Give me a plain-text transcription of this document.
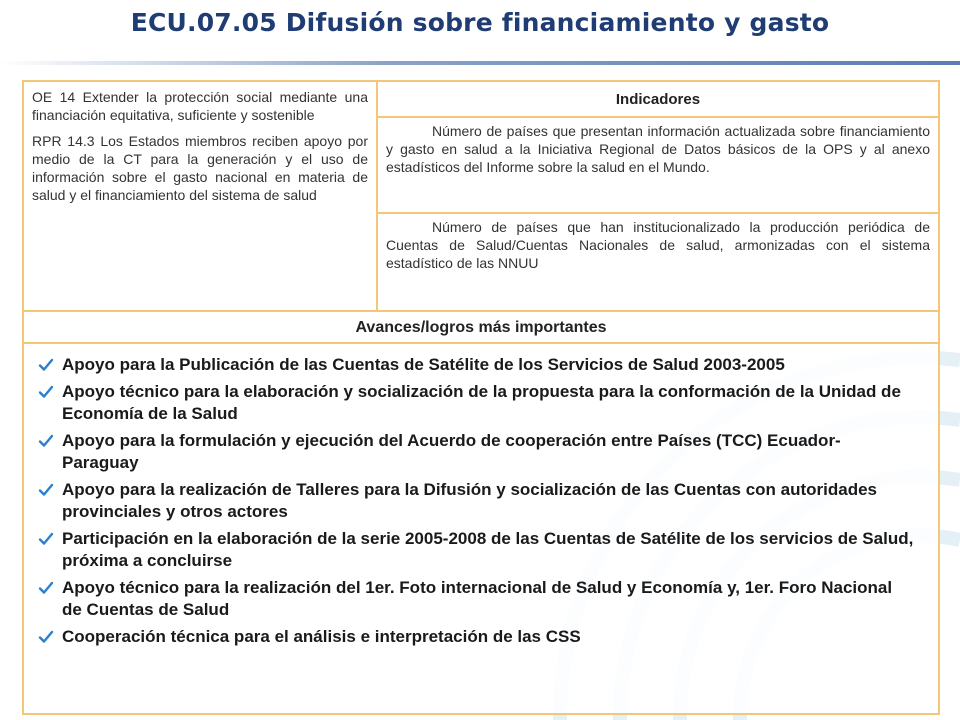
ECU.07.05 Difusión sobre financiamiento y gasto

OE 14 Extender la protección social mediante una financiación equitativa, suficiente y sostenible

RPR 14.3 Los Estados miembros reciben apoyo por medio de la CT para la generación y el uso de información sobre el gasto nacional en materia de salud y el financiamiento del sistema de salud

Indicadores
Número de países que presentan información actualizada sobre financiamiento y gasto en salud a la Iniciativa Regional de Datos básicos de la OPS y al anexo estadísticos del Informe sobre la salud en el Mundo.
Número de países que han institucionalizado la producción periódica de Cuentas de Salud/Cuentas Nacionales de salud, armonizadas con el sistema estadístico de las NNUU
Avances/logros más importantes
Apoyo para la Publicación de las Cuentas de Satélite de los Servicios de Salud 2003-2005
Apoyo técnico para la elaboración y socialización de la propuesta para la conformación de la Unidad de Economía de la Salud
Apoyo para la formulación y ejecución del Acuerdo de cooperación entre Países (TCC) Ecuador-Paraguay
Apoyo para la realización de Talleres para la Difusión y socialización de las Cuentas con autoridades provinciales y otros actores
Participación en la elaboración de la serie 2005-2008 de las Cuentas de Satélite de los servicios de Salud, próxima a concluirse
Apoyo técnico para la realización del 1er. Foto internacional de Salud y Economía y, 1er. Foro Nacional de Cuentas de Salud
Cooperación técnica para el análisis e interpretación de las CSS
